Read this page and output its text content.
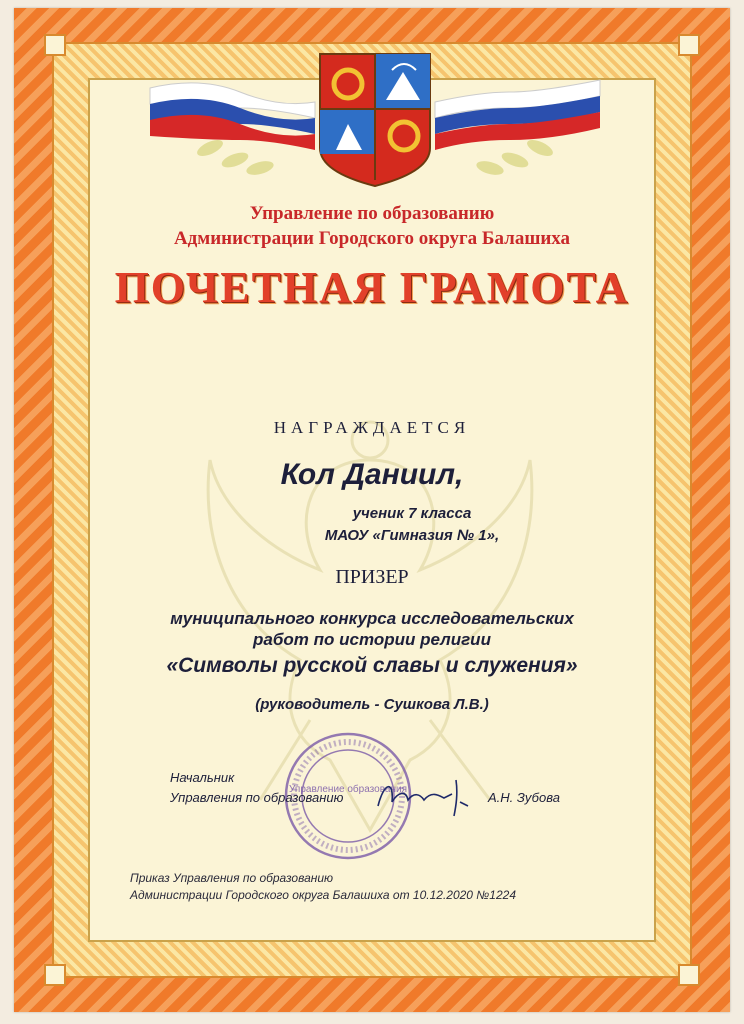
Управление по образованию
Администрации Городского округа Балашиха
ПОЧЕТНАЯ ГРАМОТА
НАГРАЖДАЕТСЯ
Кол Даниил,
ученик 7 класса
МАОУ «Гимназия № 1»,
ПРИЗЕР
муниципального конкурса исследовательских
работ по истории религии
«Символы русской славы и служения»
(руководитель - Сушкова Л.В.)
Управление образования
Начальник
Управления по образованию	А.Н. Зубова
Приказ Управления по образованию
Администрации Городского округа Балашиха от 10.12.2020 №1224
